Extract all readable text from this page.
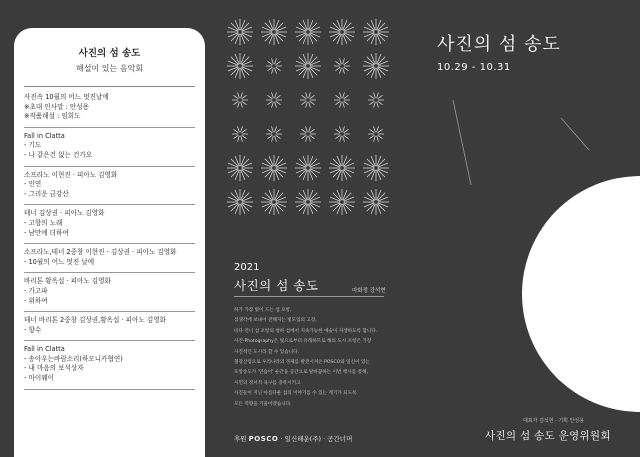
사진의 섬 송도
해설이 있는 음악회
사진속 10월의 어느 멋진날에
※초대 인사말 : 안성용
※작품해설 : 임희도
Fall in Clatta
- 기도
- 나 같은건 없는 건가요
소프라노 이현진 · 피아노 김영화
- 인연
- 그리운 금강산
테너 김상권 · 피아노 김영화
- 고향의 노래
- 남만에 더하여
소프라노,테너 2중창 이현진 · 김상권 · 피아노 김영화
- 10월의 어느 멋진 날에
바리톤 황옥섭 · 피아노 김영화
- 가고파
- 위하여
테너 바리톤 2중창 김상권,황옥섭 · 피아노 김영화
- 향수
Fall in Clatta
- 송아우는바람소리(하모니카협연)
- 내 마음의 보석상자
- 마이웨이
2021
사진의 섬 송도	마화정 강석현
하가 가장 빛이 드는 섬 포항,
섬생각에 보내어 전해지는 빛모임의 고장,
바다 건너 섬 포항의 청하 섬에서 지속가능한 예술이 자생하도록 합니다.
사진-Photography은 빛으로부터 유래하므로 해의 도시 포항은 가장
사진적인 도시라 할 수 있습니다.
철강산업으로 우리나라의 경제를 발전시켜온 POSCO와 일신이 있는
포항송도가 '연습이' 순간을 공간으로 탈바꿈하는 이번 행사를 통해,
시민의 정서적 욕구를 충족시키고
사진들이 지닌 아름다운 섬의 이야기를 수 있는 계기가 되도록
모든 역량을 기울이겠습니다.
후원 POSCO · 일신해운(주) · 공간너머
사진의 섬 송도
10.29 - 10.31
대표자 김석현 · 기획 안성용
사진의 섬 송도 운영위원회
